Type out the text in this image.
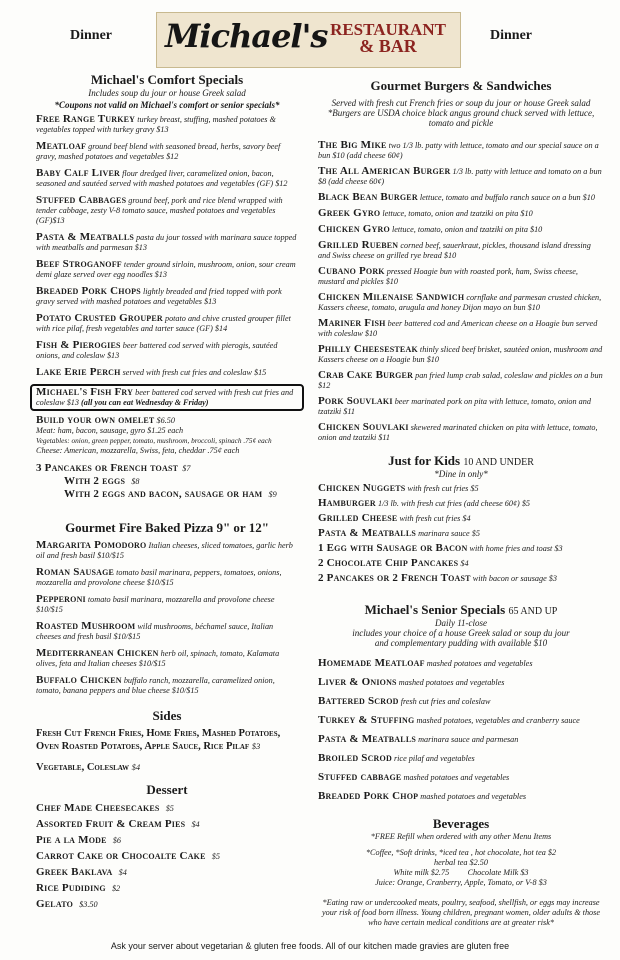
Dinner Michael's RESTAURANT
& BAR
Dinner

Michael's Comfort Specials

Includes soup du jour or house Greek salad

*Coupons not valid on Michael's comfort or senior specials*

Free Range Turkey turkey breast, stuffing, mashed potatoes & vegetables topped with turkey gravy $13
Meatloaf ground beef blend with seasoned bread, herbs, savory beef gravy, mashed potatoes and vegetables $12
Baby Calf Liver flour dredged liver, caramelized onion, bacon, seasoned and sautéed served with mashed potatoes and vegetables (GF) $12
Stuffed Cabbages ground beef, pork and rice blend wrapped with tender cabbage, zesty V-8 tomato sauce, mashed potatoes and vegetables (GF)$13
Pasta & Meatballs pasta du jour tossed with marinara sauce topped with meatballs and parmesan $13
Beef Stroganoff tender ground sirloin, mushroom, onion, sour cream demi glaze served over egg noodles $13
Breaded Pork Chops lightly breaded and fried topped with pork gravy served with mashed potatoes and vegetables $13
Potato Crusted Grouper potato and chive crusted grouper fillet with rice pilaf, fresh vegetables and tarter sauce (GF) $14
Fish & Pierogies beer battered cod served with pierogis, sautéed onions, and coleslaw $13
Lake Erie Perch served with fresh cut fries and coleslaw $15
Michael's Fish Fry beer battered cod served with fresh cut fries and coleslaw $13 (all you can eat Wednesday & Friday)
Build your own omelet $6.50

Meat: ham, bacon, sausage, gyro $1.25 each

Vegetables: onion, green pepper, tomato, mushroom, broccoli, spinach .75¢ each

Cheese: American, mozzarella, Swiss, feta, cheddar .75¢ each

3 Pancakes or French toast $7
With 2 eggs $8
With 2 eggs and bacon, sausage or ham $9

Gourmet Fire Baked Pizza 9" or 12"

Margarita Pomodoro Italian cheeses, sliced tomatoes, garlic herb oil and fresh basil $10/$15
Roman Sausage tomato basil marinara, peppers, tomatoes, onions, mozzarella and provolone cheese $10/$15
Pepperoni tomato basil marinara, mozzarella and provolone cheese $10/$15
Roasted Mushroom wild mushrooms, béchamel sauce, Italian cheeses and fresh basil $10/$15
Mediterranean Chicken herb oil, spinach, tomato, Kalamata olives, feta and Italian cheeses $10/$15
Buffalo Chicken buffalo ranch, mozzarella, caramelized onion, tomato, banana peppers and blue cheese $10/$15

Sides

Fresh Cut French Fries, Home Fries, Mashed Potatoes,
Oven Roasted Potatoes, Apple Sauce, Rice Pilaf $3
Vegetable, Coleslaw $4

Dessert

Chef Made Cheesecakes $5
Assorted Fruit & Cream Pies $4
Pie a la Mode $6
Carrot Cake or Chocoalte Cake $5
Greek Baklava $4
Rice Pudiding $2
Gelato $3.50

Gourmet Burgers & Sandwiches

Served with fresh cut French fries or soup du jour or house Greek salad

*Burgers are USDA choice black angus ground chuck served with lettuce, tomato and pickle

The Big Mike two 1/3 lb. patty with lettuce, tomato and our special sauce on a bun $10 (add cheese 60¢)
The All American Burger 1/3 lb. patty with lettuce and tomato on a bun $8 (add cheese 60¢)
Black Bean Burger lettuce, tomato and buffalo ranch sauce on a bun $10
Greek Gyro lettuce, tomato, onion and tzatziki on pita $10
Chicken Gyro lettuce, tomato, onion and tzatziki on pita $10
Grilled Rueben corned beef, sauerkraut, pickles, thousand island dressing and Swiss cheese on grilled rye bread $10
Cubano Pork pressed Hoagie bun with roasted pork, ham, Swiss cheese, mustard and pickles $10
Chicken Milenaise Sandwich cornflake and parmesan crusted chicken, Kassers cheese, tomato, arugula and honey Dijon mayo on bun $10
Mariner Fish beer battered cod and American cheese on a Hoagie bun served with coleslaw $10
Philly Cheesesteak thinly sliced beef brisket, sautéed onion, mushroom and Kassers cheese on a Hoagie bun $10
Crab Cake Burger pan fried lump crab salad, coleslaw and pickles on a bun $12
Pork Souvlaki beer marinated pork on pita with lettuce, tomato, onion and tzatziki $11
Chicken Souvlaki skewered marinated chicken on pita with lettuce, tomato, onion and tzatziki $11

Just for Kids 10 AND UNDER

*Dine in only*

Chicken Nuggets with fresh cut fries $5
Hamburger 1/3 lb. with fresh cut fries (add cheese 60¢) $5
Grilled Cheese with fresh cut fries $4
Pasta & Meatballs marinara sauce $5
1 Egg with Sausage or Bacon with home fries and toast $3
2 Chocolate Chip Pancakes $4
2 Pancakes or 2 French Toast with bacon or sausage $3

Michael's Senior Specials 65 AND UP

Daily 11-close

includes your choice of a house Greek salad or soup du jour and complementary pudding with available $10

Homemade Meatloaf mashed potatoes and vegetables
Liver & Onions mashed potatoes and vegetables
Battered Scrod fresh cut fries and coleslaw
Turkey & Stuffing mashed potatoes, vegetables and cranberry sauce
Pasta & Meatballs marinara sauce and parmesan
Broiled Scrod rice pilaf and vegetables
Stuffed cabbage mashed potatoes and vegetables
Breaded Pork Chop mashed potatoes and vegetables

Beverages

*FREE Refill when ordered with any other Menu Items

*Coffee, *Soft drinks, *iced tea , hot chocolate, hot tea $2

herbal tea $2.50

White milk $2.75         Chocolate Milk $3

Juice: Orange, Cranberry, Apple, Tomato, or V-8 $3

*Eating raw or undercooked meats, poultry, seafood, shellfish, or eggs may increase your risk of food born illness. Young children, pregnant women, older adults & those who have certain medical conditions are at greater risk*

Ask your server about vegetarian & gluten free foods. All of our kitchen made gravies are gluten free
